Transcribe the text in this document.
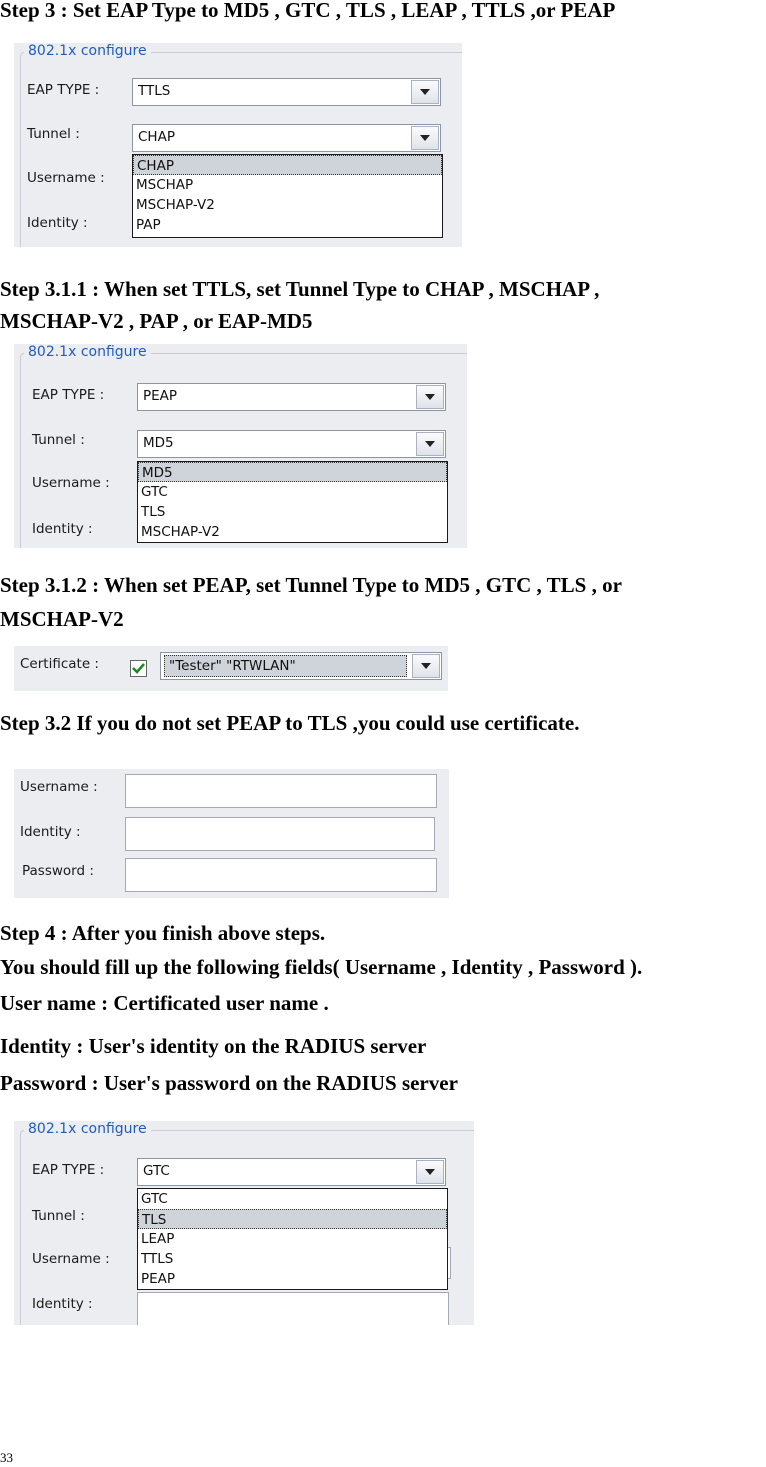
Step 3 : Set EAP Type to MD5 , GTC , TLS , LEAP , TTLS ,or PEAP
802.1x configure
EAP TYPE :	TTLS
Tunnel :	CHAP
Username :
Identity :
CHAP
MSCHAP
MSCHAP-V2
PAP
Step 3.1.1 : When set TTLS, set Tunnel Type to CHAP , MSCHAP ,
MSCHAP-V2 , PAP , or EAP-MD5
802.1x configure
EAP TYPE :	PEAP
Tunnel :	MD5
Username :
Identity :
MD5
GTC
TLS
MSCHAP-V2
Step 3.1.2 : When set PEAP, set Tunnel Type to MD5 , GTC , TLS , or
MSCHAP-V2
Certificate :	"Tester" "RTWLAN"
Step 3.2 If you do not set PEAP to TLS ,you could use certificate.
Username :
Identity :
Password :
Step 4 : After you finish above steps.
You should fill up the following fields( Username , Identity , Password ).
User name : Certificated user name .
Identity : User's identity on the RADIUS server
Password : User's password on the RADIUS server
802.1x configure
EAP TYPE :	GTC
Tunnel :
Username :
Identity :
GTC
TLS
LEAP
TTLS
PEAP
33
